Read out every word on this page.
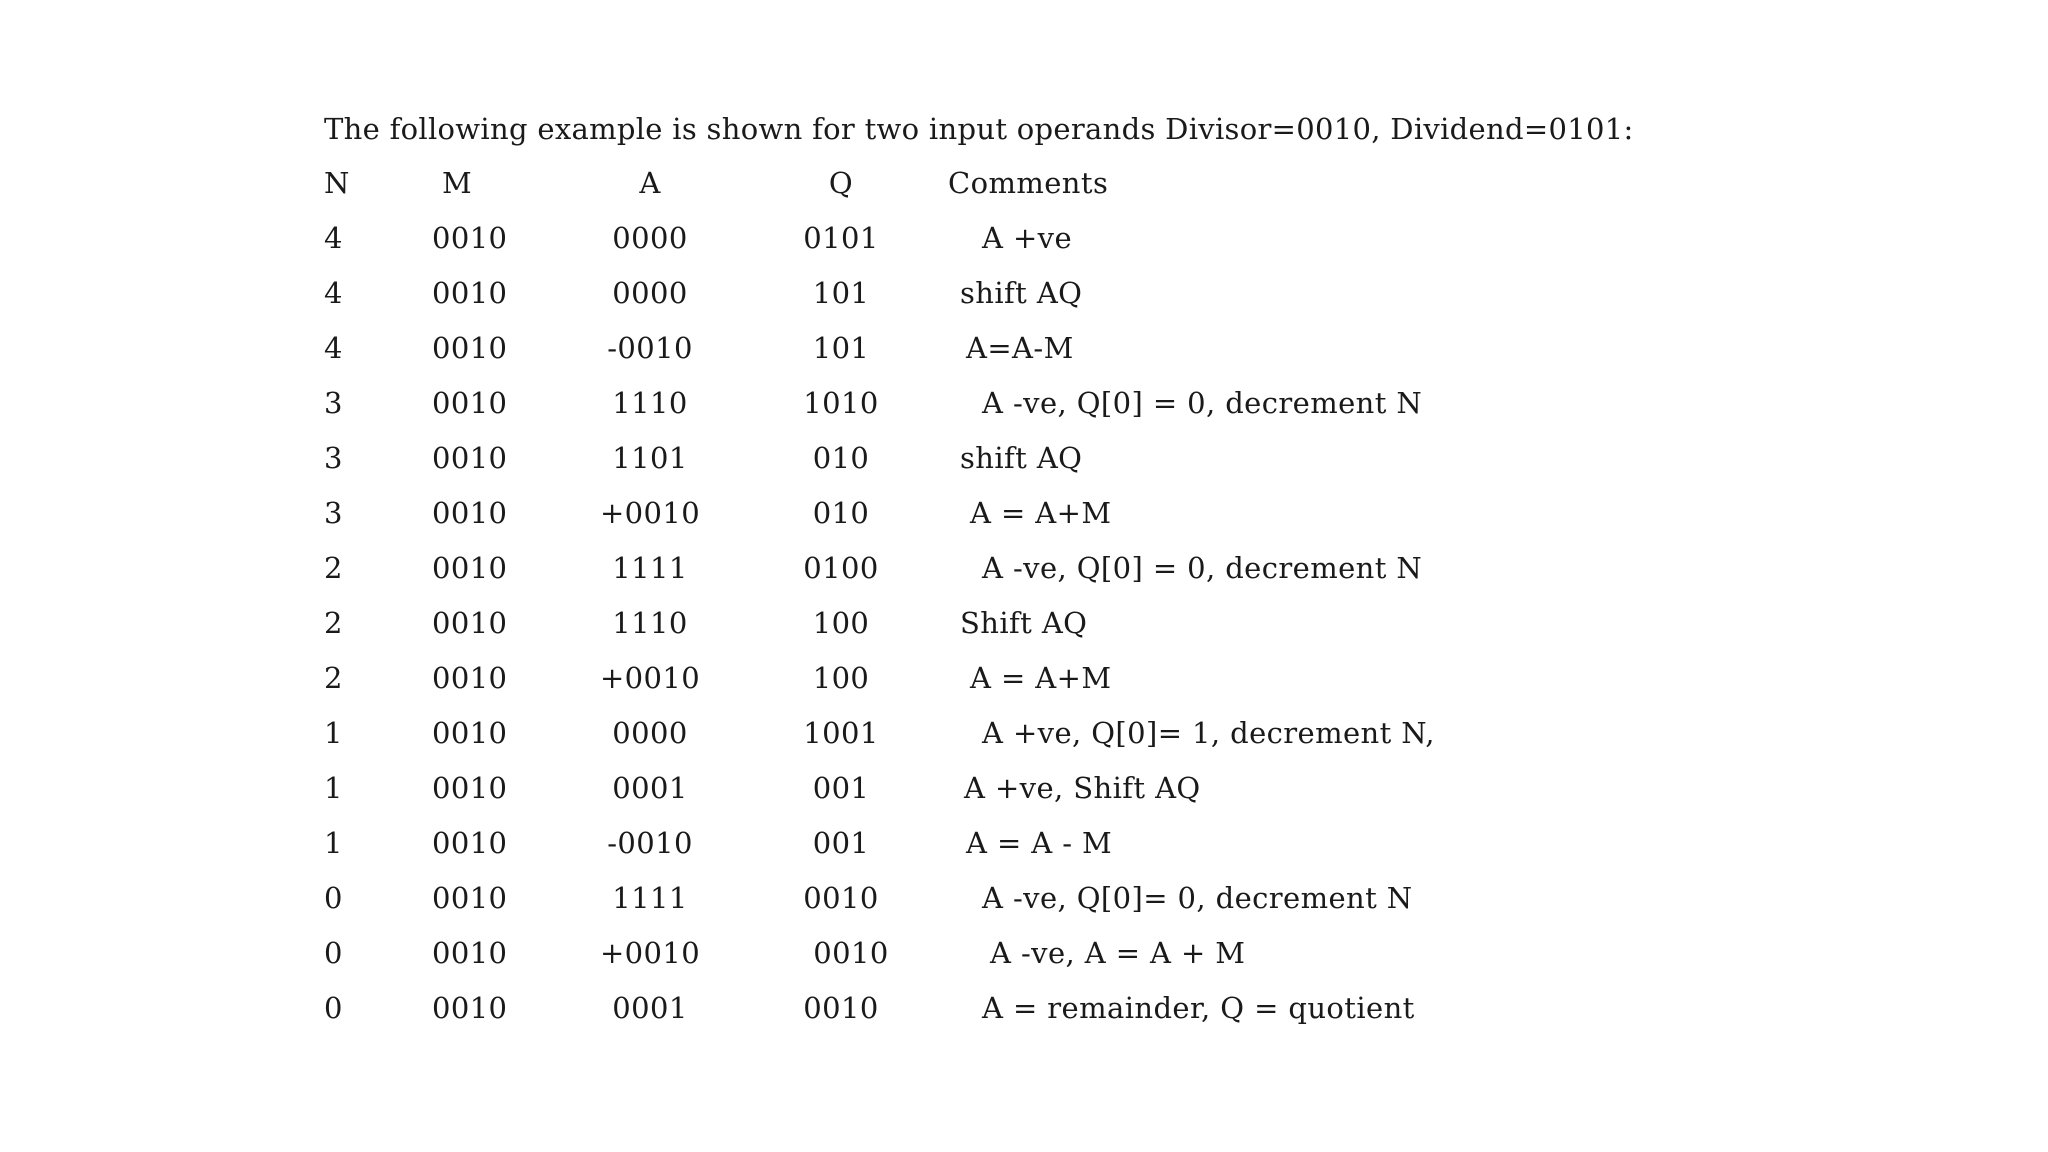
The following example is shown for two input operands Divisor=0010, Dividend=0101:
N	M	A	Q	Comments
4	0010	0000	0101	A +ve
4	0010	0000	101	shift AQ
4	0010	-0010	101	A=A-M
3	0010	1110	1010	A -ve, Q[0] = 0, decrement N
3	0010	1101	010	shift AQ
3	0010	+0010	010	A = A+M
2	0010	1111	0100	A -ve, Q[0] = 0, decrement N
2	0010	1110	100	Shift AQ
2	0010	+0010	100	A = A+M
1	0010	0000	1001	A +ve, Q[0]= 1, decrement N,
1	0010	0001	001	A +ve, Shift AQ
1	0010	-0010	001	A = A - M
0	0010	1111	0010	A -ve, Q[0]= 0, decrement N
0	0010	+0010	0010	A -ve, A = A + M
0	0010	0001	0010	A = remainder, Q = quotient
